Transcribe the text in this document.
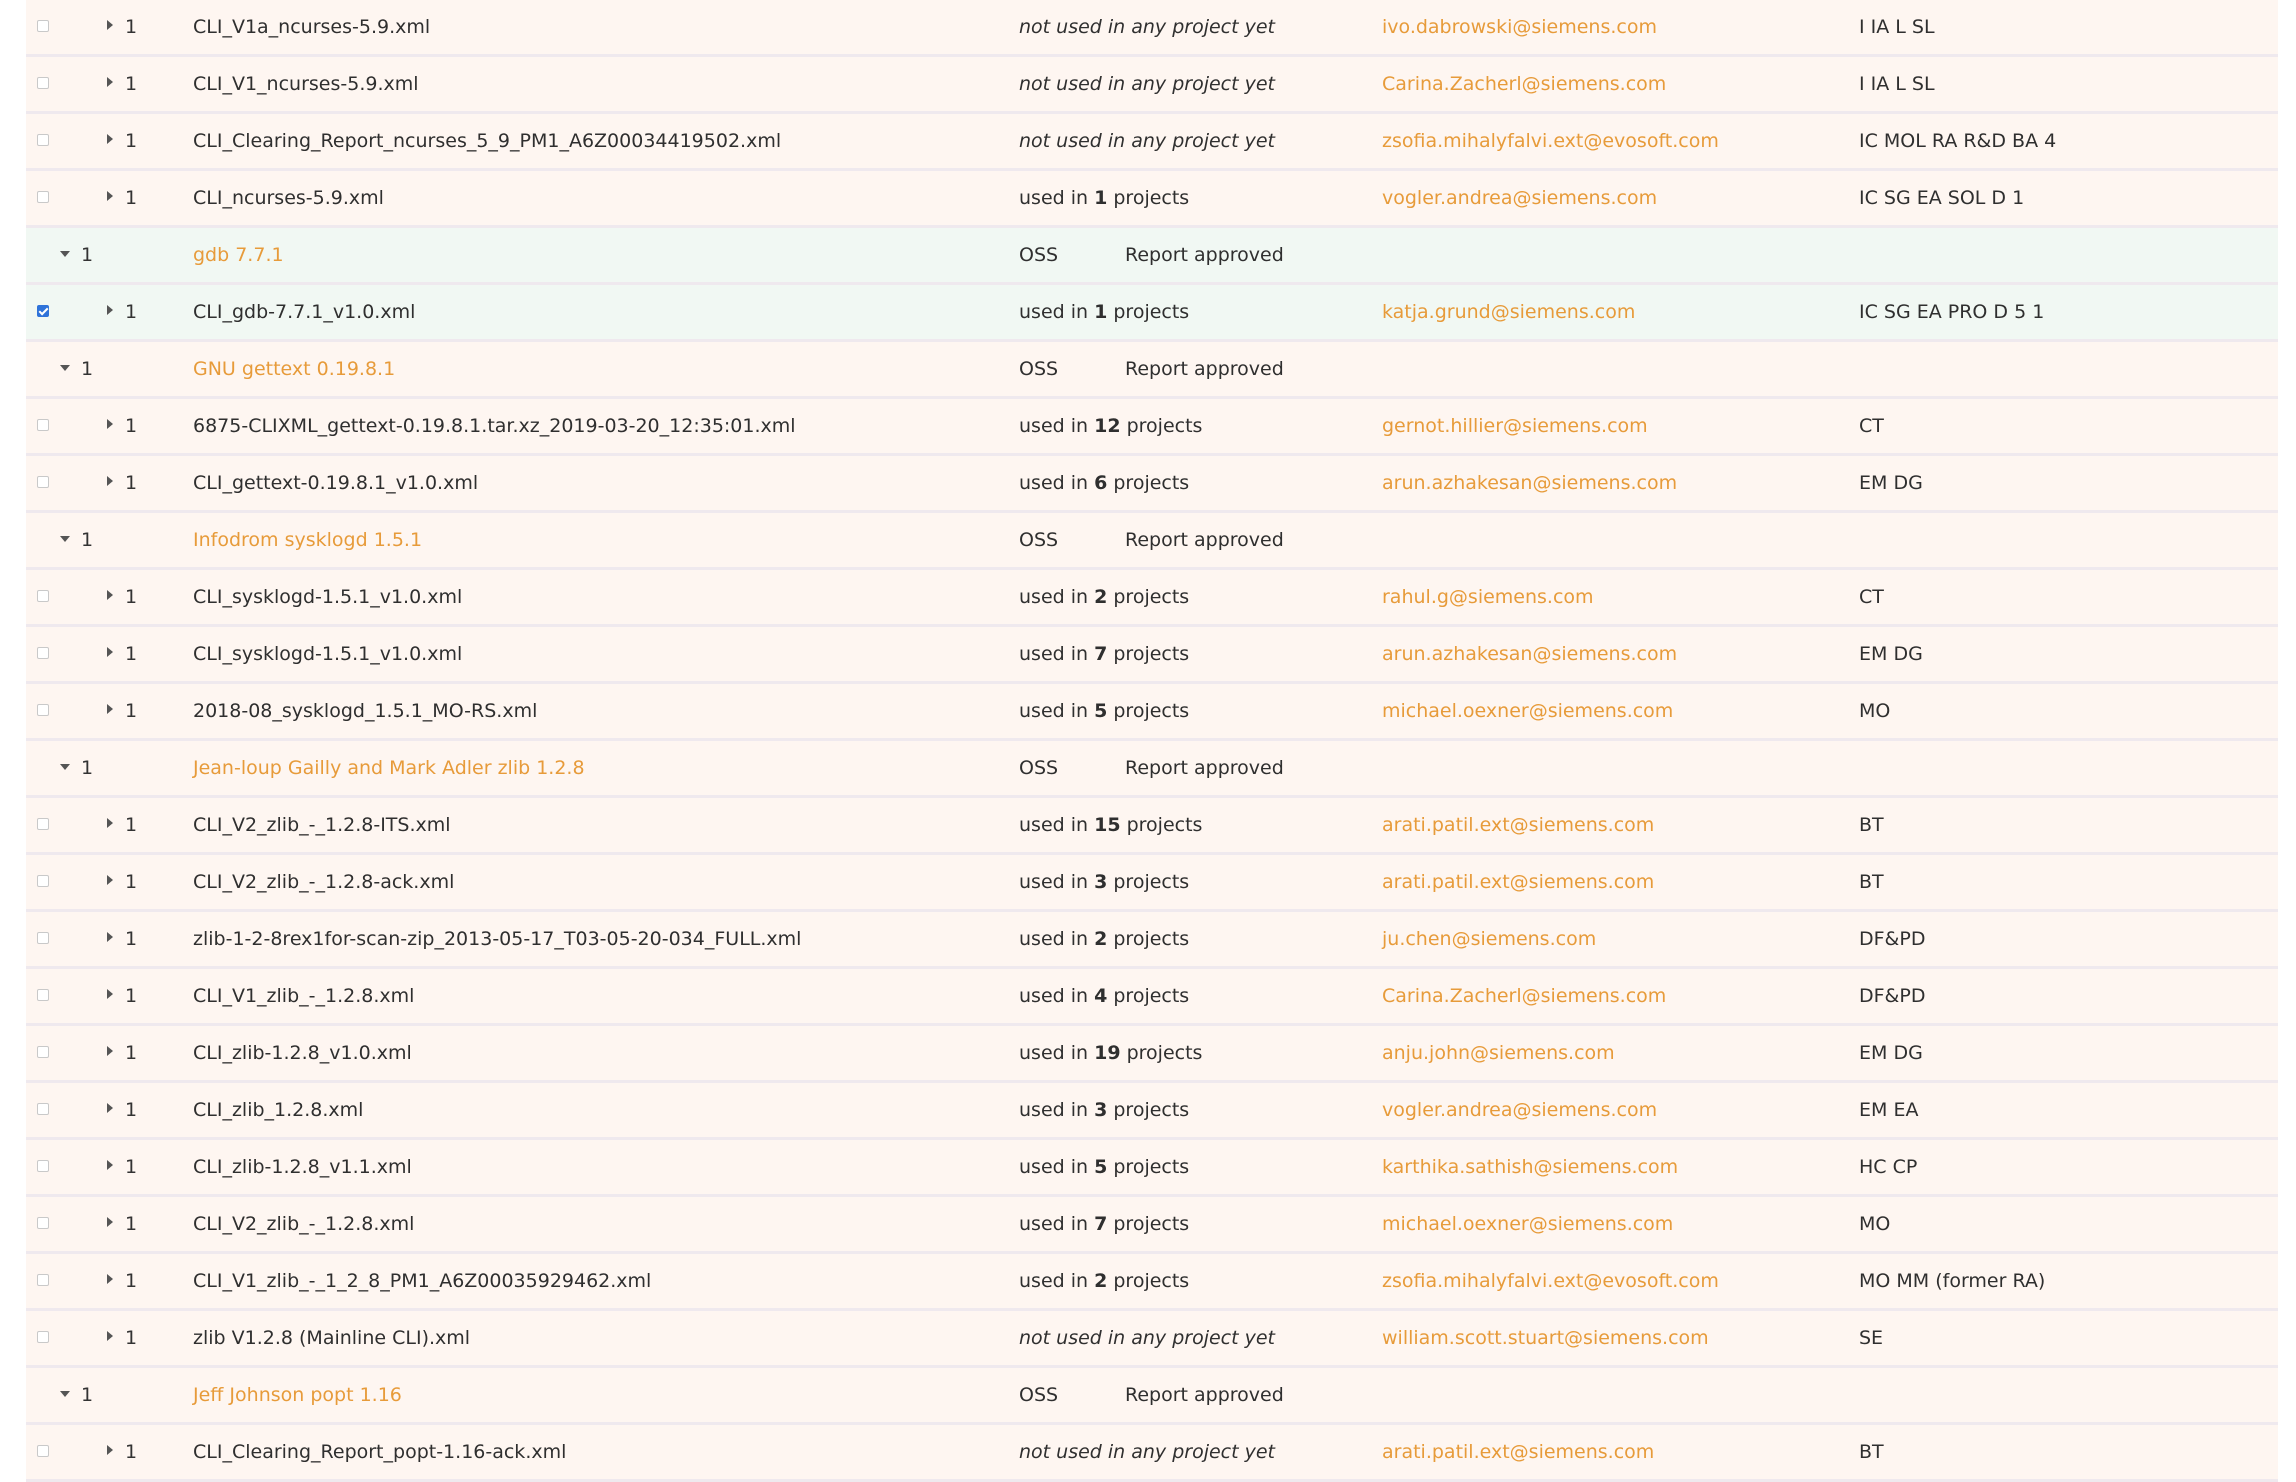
1	CLI_V1a_ncurses-5.9.xml	not used in any project yet	ivo.dabrowski@siemens.com	I IA L SL
1	CLI_V1_ncurses-5.9.xml	not used in any project yet	Carina.Zacherl@siemens.com	I IA L SL
1	CLI_Clearing_Report_ncurses_5_9_PM1_A6Z00034419502.xml	not used in any project yet	zsofia.mihalyfalvi.ext@evosoft.com	IC MOL RA R&D BA 4
1	CLI_ncurses-5.9.xml	used in 1 projects	vogler.andrea@siemens.com	IC SG EA SOL D 1
1	gdb 7.7.1	OSS	Report approved
1	CLI_gdb-7.7.1_v1.0.xml	used in 1 projects	katja.grund@siemens.com	IC SG EA PRO D 5 1
1	GNU gettext 0.19.8.1	OSS	Report approved
1	6875-CLIXML_gettext-0.19.8.1.tar.xz_2019-03-20_12:35:01.xml	used in 12 projects	gernot.hillier@siemens.com	CT
1	CLI_gettext-0.19.8.1_v1.0.xml	used in 6 projects	arun.azhakesan@siemens.com	EM DG
1	Infodrom sysklogd 1.5.1	OSS	Report approved
1	CLI_sysklogd-1.5.1_v1.0.xml	used in 2 projects	rahul.g@siemens.com	CT
1	CLI_sysklogd-1.5.1_v1.0.xml	used in 7 projects	arun.azhakesan@siemens.com	EM DG
1	2018-08_sysklogd_1.5.1_MO-RS.xml	used in 5 projects	michael.oexner@siemens.com	MO
1	Jean-loup Gailly and Mark Adler zlib 1.2.8	OSS	Report approved
1	CLI_V2_zlib_-_1.2.8-ITS.xml	used in 15 projects	arati.patil.ext@siemens.com	BT
1	CLI_V2_zlib_-_1.2.8-ack.xml	used in 3 projects	arati.patil.ext@siemens.com	BT
1	zlib-1-2-8rex1for-scan-zip_2013-05-17_T03-05-20-034_FULL.xml	used in 2 projects	ju.chen@siemens.com	DF&PD
1	CLI_V1_zlib_-_1.2.8.xml	used in 4 projects	Carina.Zacherl@siemens.com	DF&PD
1	CLI_zlib-1.2.8_v1.0.xml	used in 19 projects	anju.john@siemens.com	EM DG
1	CLI_zlib_1.2.8.xml	used in 3 projects	vogler.andrea@siemens.com	EM EA
1	CLI_zlib-1.2.8_v1.1.xml	used in 5 projects	karthika.sathish@siemens.com	HC CP
1	CLI_V2_zlib_-_1.2.8.xml	used in 7 projects	michael.oexner@siemens.com	MO
1	CLI_V1_zlib_-_1_2_8_PM1_A6Z00035929462.xml	used in 2 projects	zsofia.mihalyfalvi.ext@evosoft.com	MO MM (former RA)
1	zlib V1.2.8 (Mainline CLI).xml	not used in any project yet	william.scott.stuart@siemens.com	SE
1	Jeff Johnson popt 1.16	OSS	Report approved
1	CLI_Clearing_Report_popt-1.16-ack.xml	not used in any project yet	arati.patil.ext@siemens.com	BT
